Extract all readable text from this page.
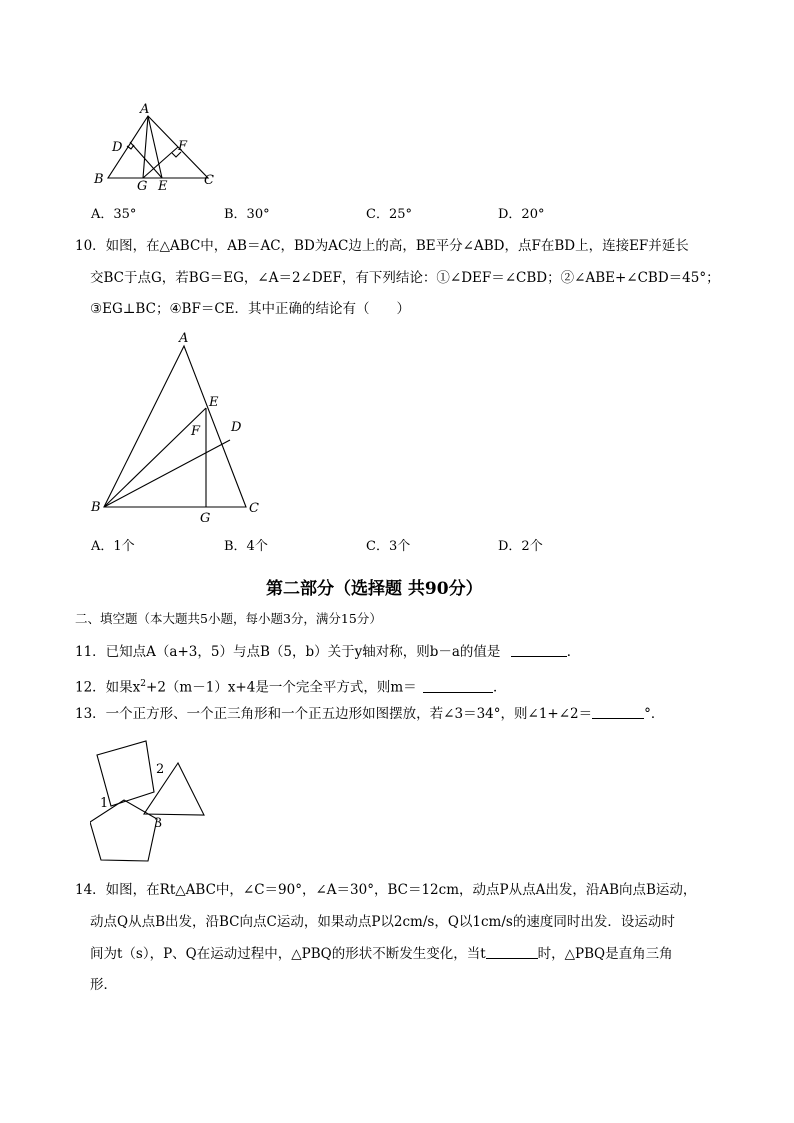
A
D	F
B	G E	C
A．35°	B．30°	C．25°	D．20°
10．如图，在△ABC中，AB＝AC，BD为AC边上的高，BE平分∠ABD，点F在BD上，连接EF并延长
交BC于点G，若BG＝EG，∠A＝2∠DEF，有下列结论：①∠DEF＝∠CBD；②∠ABE+∠CBD＝45°；
③EG⊥BC；④BF＝CE．其中正确的结论有（　　）
A
E
F D
B
G
C
A．1个	B．4个	C．3个	D．2个
第二部分（选择题 共90分）
二、填空题（本大题共5小题，每小题3分，满分15分）
11．已知点A（a+3，5）与点B（5，b）关于y轴对称，则b－a的值是	．
12．如果$x^2+2(m-1)x+4$是一个完全平方式，则m＝	．
13．一个正方形、一个正三角形和一个正五边形如图摆放，若∠3＝34°，则∠1+∠2＝	°．
2
1
3
14．如图，在Rt△ABC中，∠C＝90°，∠A＝30°，BC＝12cm，动点P从点A出发，沿AB向点B运动，
动点Q从点B出发，沿BC向点C运动，如果动点P以2cm/s，Q以1cm/s的速度同时出发．设运动时
间为t（s），P、Q在运动过程中，△PBQ的形状不断发生变化，当t	时，△PBQ是直角三角
形．
